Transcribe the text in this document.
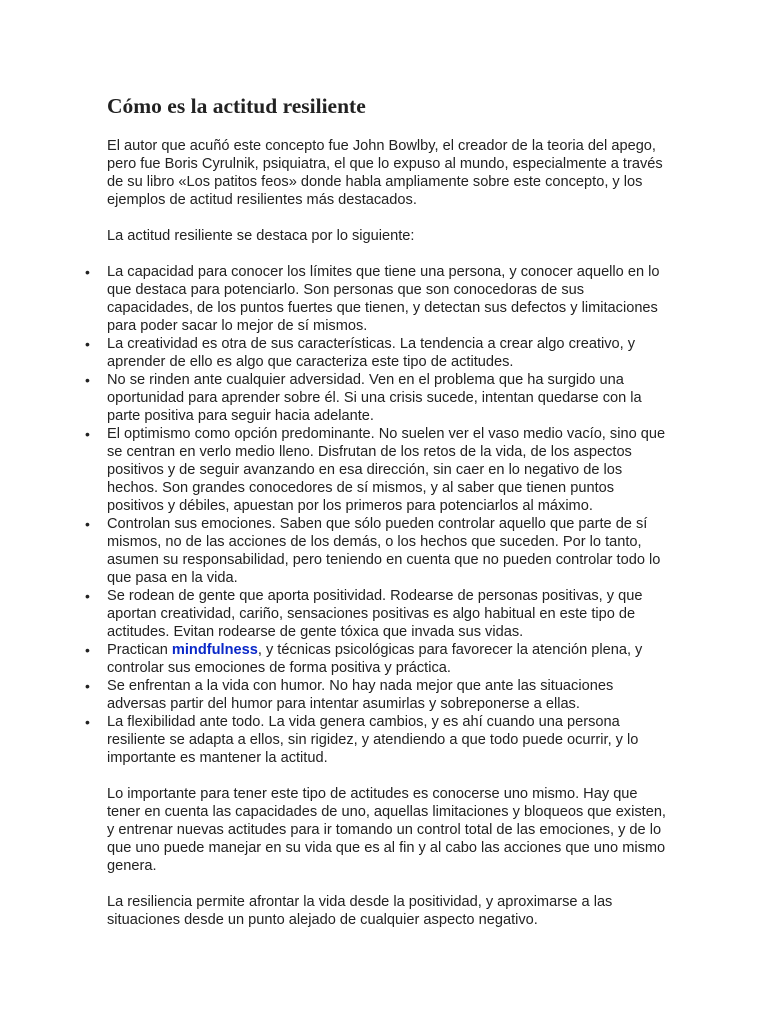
Cómo es la actitud resiliente

El autor que acuñó este concepto fue John Bowlby, el creador de la teoria del apego, pero fue Boris Cyrulnik, psiquiatra, el que lo expuso al mundo, especialmente a través de su libro «Los patitos feos» donde habla ampliamente sobre este concepto, y los ejemplos de actitud resilientes más destacados.

La actitud resiliente se destaca por lo siguiente:

• La capacidad para conocer los límites que tiene una persona, y conocer aquello en lo que destaca para potenciarlo. Son personas que son conocedoras de sus capacidades, de los puntos fuertes que tienen, y detectan sus defectos y limitaciones para poder sacar lo mejor de sí mismos.
• La creatividad es otra de sus características. La tendencia a crear algo creativo, y aprender de ello es algo que caracteriza este tipo de actitudes.
• No se rinden ante cualquier adversidad. Ven en el problema que ha surgido una oportunidad para aprender sobre él. Si una crisis sucede, intentan quedarse con la parte positiva para seguir hacia adelante.
• El optimismo como opción predominante. No suelen ver el vaso medio vacío, sino que se centran en verlo medio lleno. Disfrutan de los retos de la vida, de los aspectos positivos y de seguir avanzando en esa dirección, sin caer en lo negativo de los hechos. Son grandes conocedores de sí mismos, y al saber que tienen puntos positivos y débiles, apuestan por los primeros para potenciarlos al máximo.
• Controlan sus emociones. Saben que sólo pueden controlar aquello que parte de sí mismos, no de las acciones de los demás, o los hechos que suceden. Por lo tanto, asumen su responsabilidad, pero teniendo en cuenta que no pueden controlar todo lo que pasa en la vida.
• Se rodean de gente que aporta positividad. Rodearse de personas positivas, y que aportan creatividad, cariño, sensaciones positivas es algo habitual en este tipo de actitudes. Evitan rodearse de gente tóxica que invada sus vidas.
• Practican mindfulness, y técnicas psicológicas para favorecer la atención plena, y controlar sus emociones de forma positiva y práctica.
• Se enfrentan a la vida con humor. No hay nada mejor que ante las situaciones adversas partir del humor para intentar asumirlas y sobreponerse a ellas.
• La flexibilidad ante todo. La vida genera cambios, y es ahí cuando una persona resiliente se adapta a ellos, sin rigidez, y atendiendo a que todo puede ocurrir, y lo importante es mantener la actitud.

Lo importante para tener este tipo de actitudes es conocerse uno mismo. Hay que tener en cuenta las capacidades de uno, aquellas limitaciones y bloqueos que existen, y entrenar nuevas actitudes para ir tomando un control total de las emociones, y de lo que uno puede manejar en su vida que es al fin y al cabo las acciones que uno mismo genera.

La resiliencia permite afrontar la vida desde la positividad, y aproximarse a las situaciones desde un punto alejado de cualquier aspecto negativo.
